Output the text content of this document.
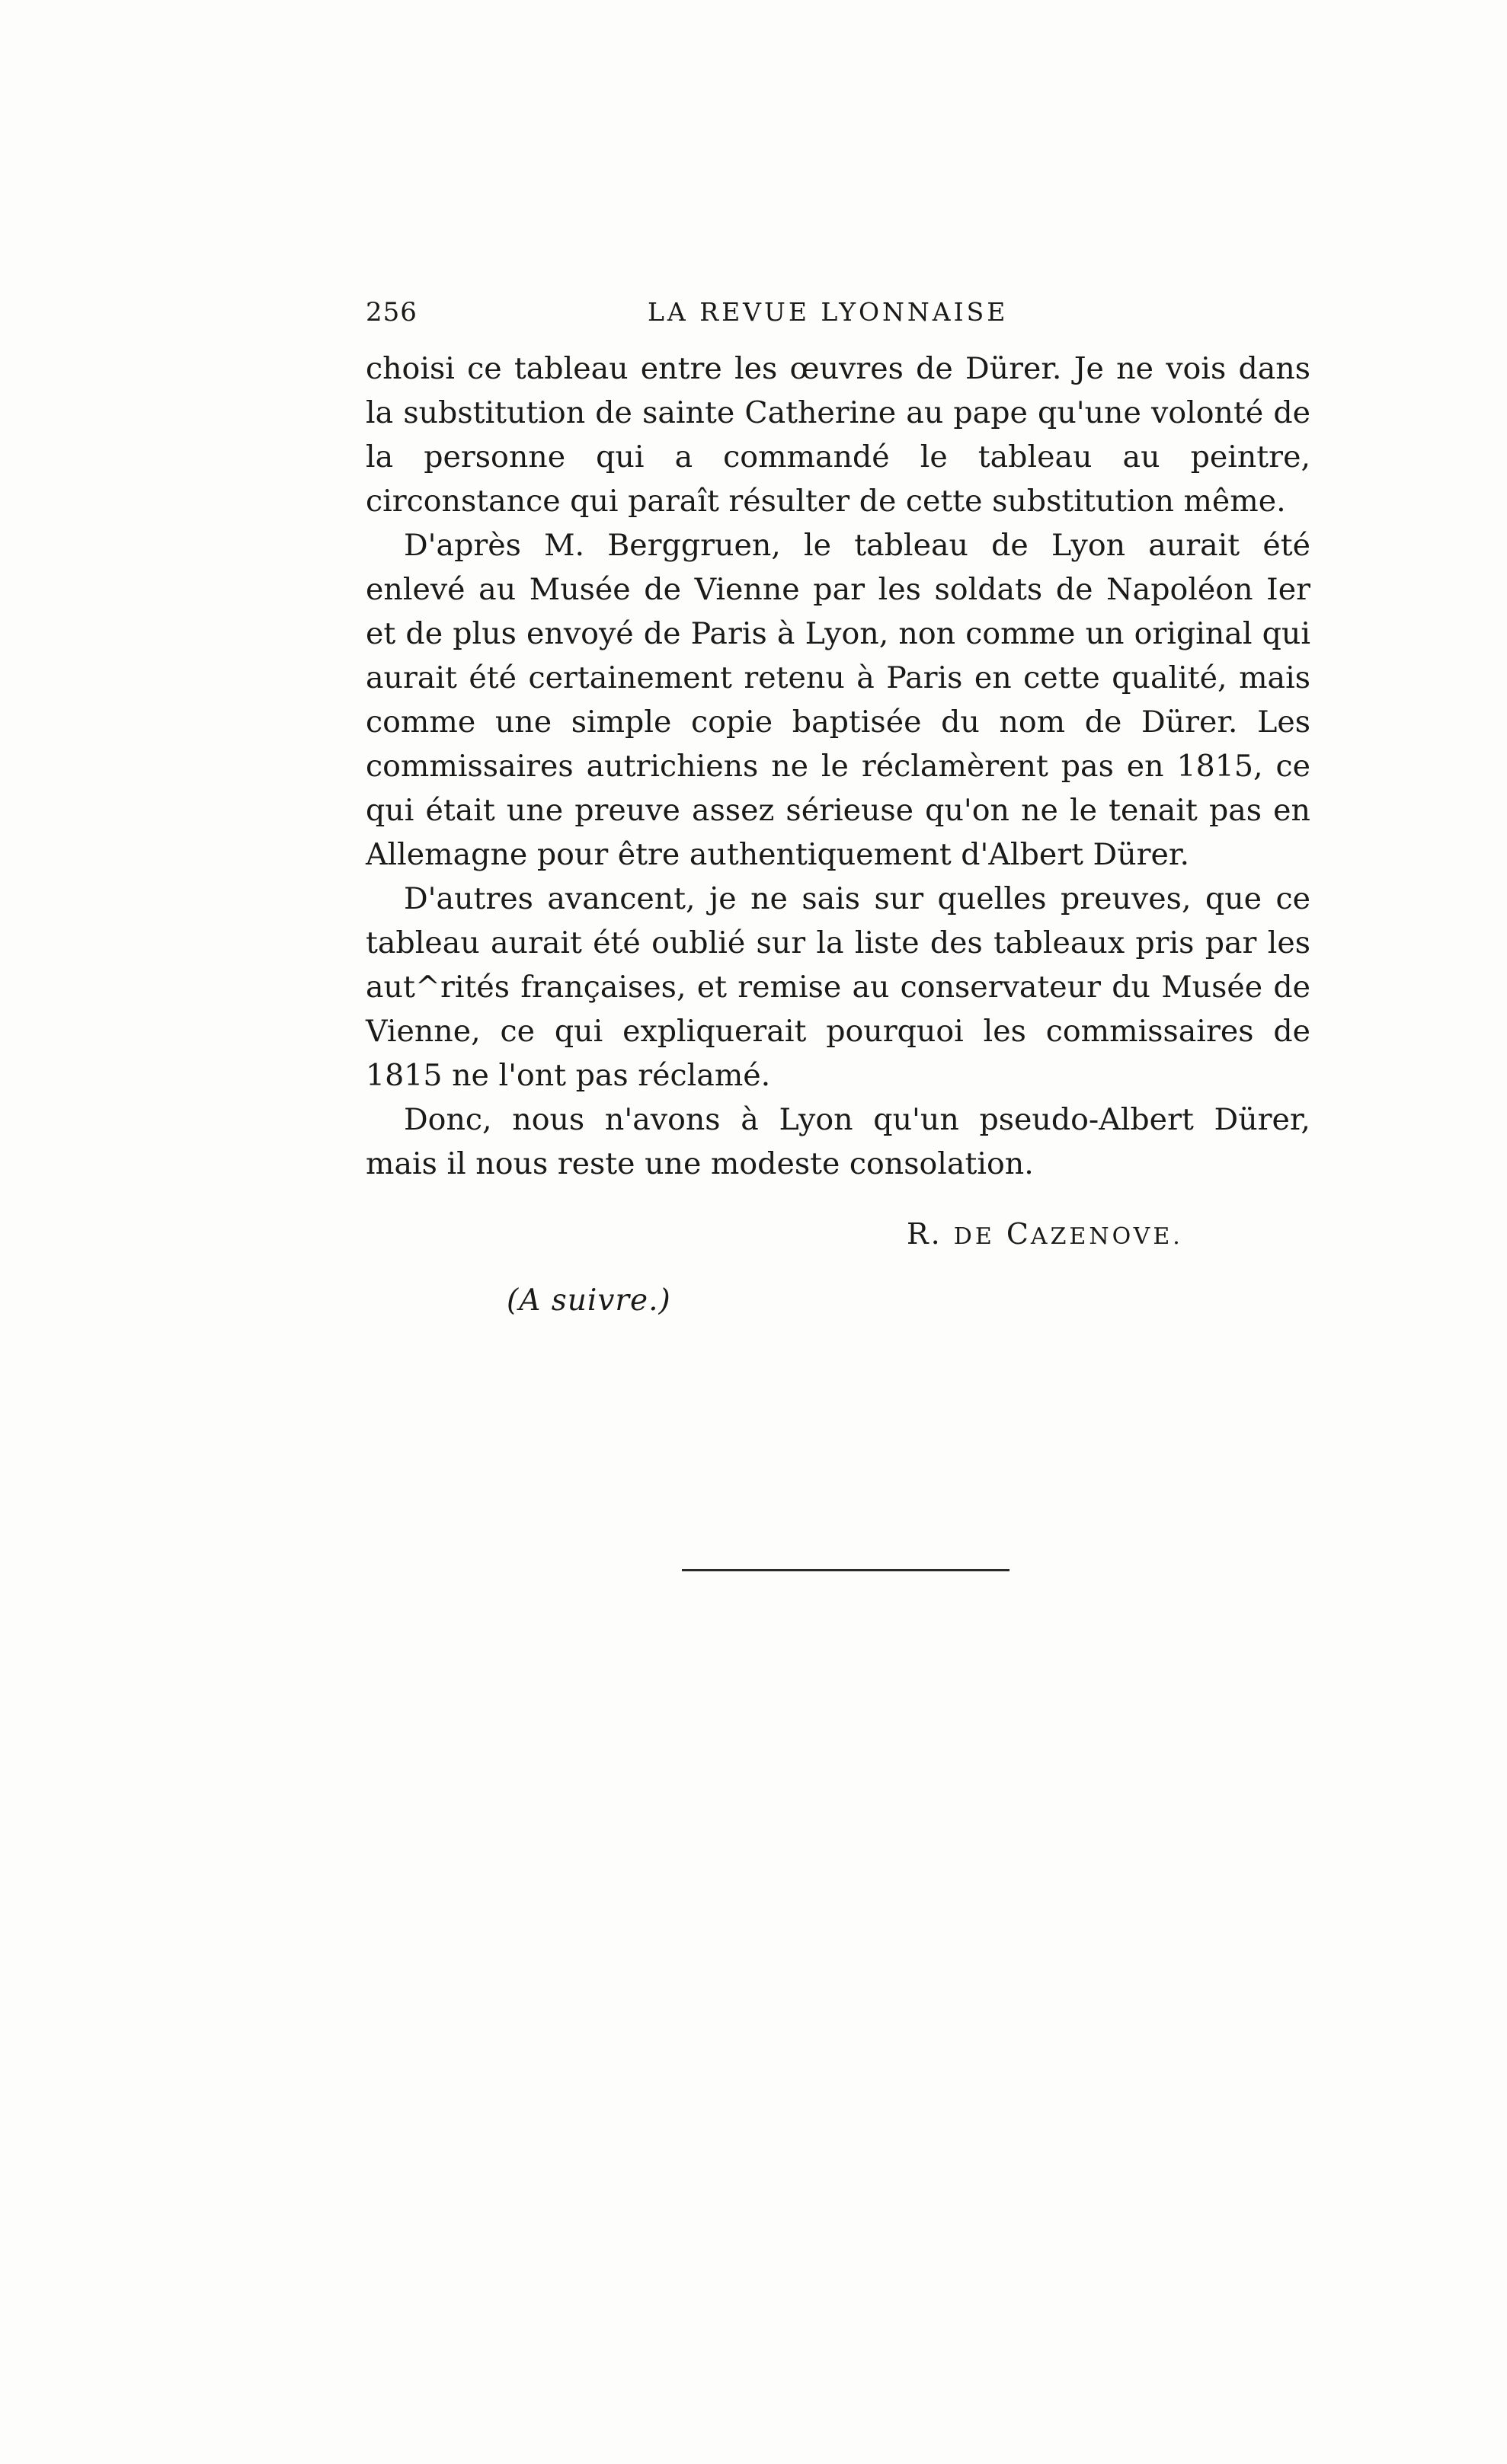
256	LA REVUE LYONNAISE

choisi ce tableau entre les œuvres de Dürer. Je ne vois dans la substitution de sainte Catherine au pape qu'une volonté de la personne qui a commandé le tableau au peintre, circonstance qui paraît résulter de cette substitution même.

D'après M. Berggruen, le tableau de Lyon aurait été enlevé au Musée de Vienne par les soldats de Napoléon Ier et de plus envoyé de Paris à Lyon, non comme un original qui aurait été certainement retenu à Paris en cette qualité, mais comme une simple copie baptisée du nom de Dürer. Les commissaires autrichiens ne le réclamèrent pas en 1815, ce qui était une preuve assez sérieuse qu'on ne le tenait pas en Allemagne pour être authentiquement d'Albert Dürer.

D'autres avancent, je ne sais sur quelles preuves, que ce tableau aurait été oublié sur la liste des tableaux pris par les aut^rités françaises, et remise au conservateur du Musée de Vienne, ce qui expliquerait pourquoi les commissaires de 1815 ne l'ont pas réclamé.

Donc, nous n'avons à Lyon qu'un pseudo-Albert Dürer, mais il nous reste une modeste consolation.

R. DE CAZENOVE.
(A suivre.)
